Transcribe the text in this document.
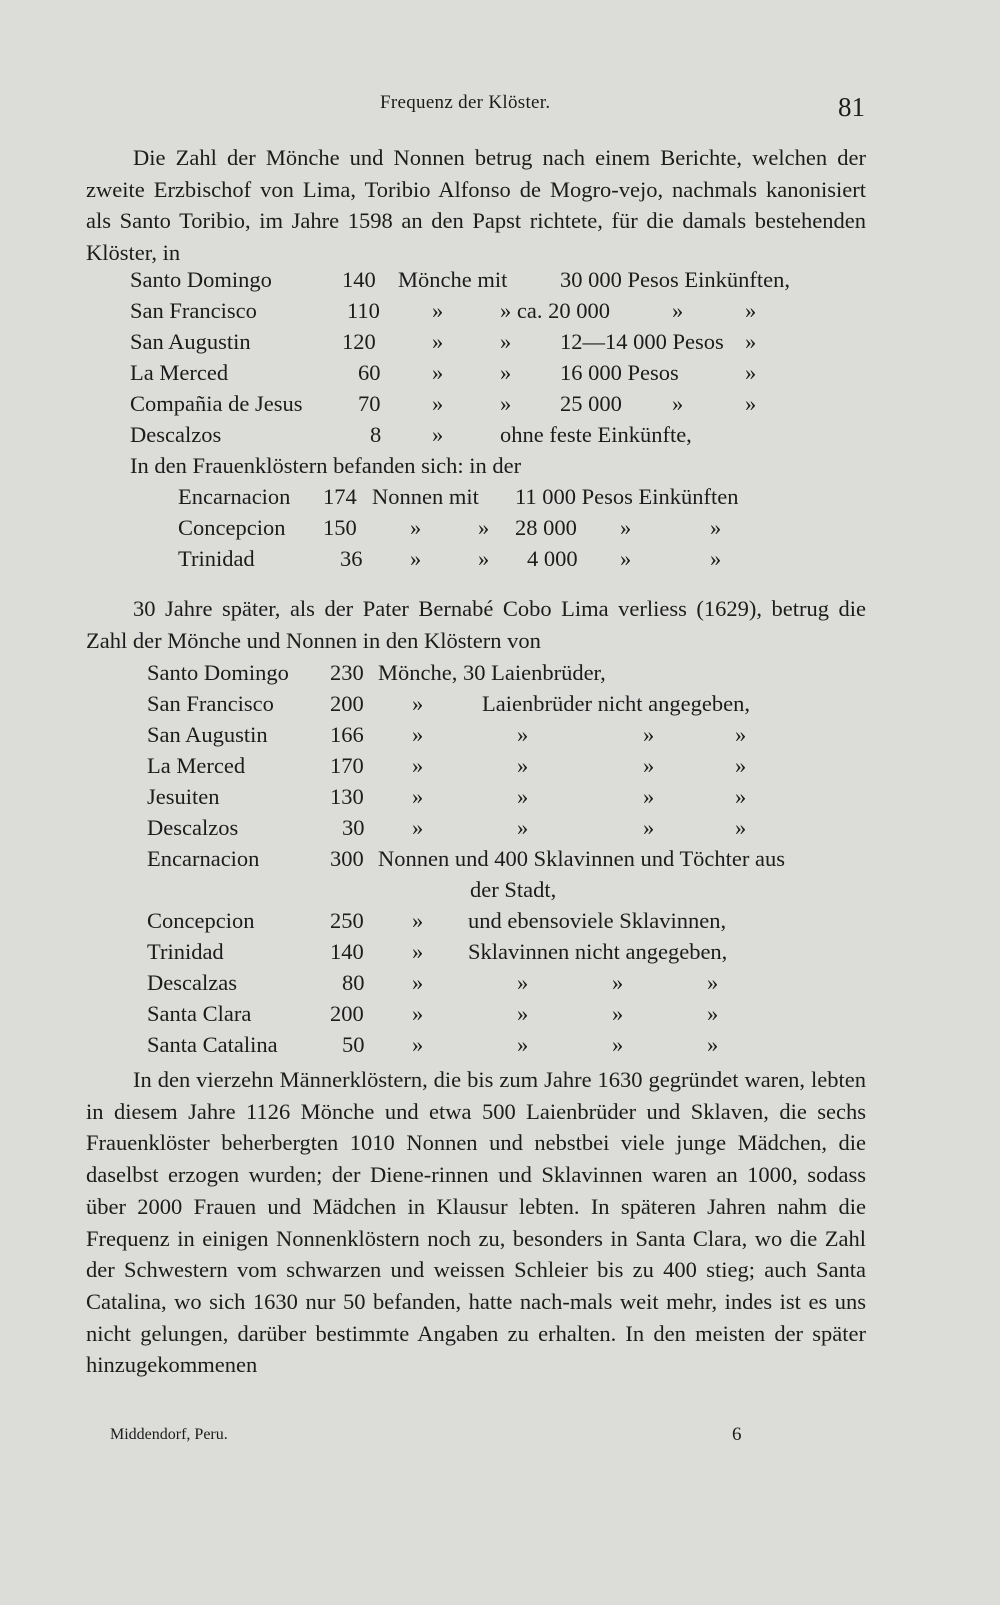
Frequenz der Klöster.	81

Die Zahl der Mönche und Nonnen betrug nach einem Berichte, welchen der zweite Erzbischof von Lima, Toribio Alfonso de Mogro-vejo, nachmals kanonisiert als Santo Toribio, im Jahre 1598 an den Papst richtete, für die damals bestehenden Klöster, in

Santo Domingo	140 Mönche mit 30 000 Pesos Einkünften,
San Francisco	110 »	» ca. 20 000	»	»
San Augustin	120	»	» 12—14 000 Pesos »
La Merced	60 »	» 16 000 Pesos	»
Compañia de Jesus 70 »	» 25 000 »	»
Descalzos	8 »	ohne feste Einkünfte,
In den Frauenklöstern befanden sich: in der
Encarnacion 174 Nonnen mit 11 000 Pesos Einkünften
Concepcion 150 »	» 28 000 »	»
Trinidad	36 »	» 4 000 »	»

30 Jahre später, als der Pater Bernabé Cobo Lima verliess (1629), betrug die Zahl der Mönche und Nonnen in den Klöstern von

Santo Domingo 230 Mönche, 30 Laienbrüder,
San Francisco 200 »	Laienbrüder nicht angegeben,
San Augustin	166 »	»	»	»
La Merced	170 »	»	»	»
Jesuiten	130 »	»	»	»
Descalzos	30 »	»	»	»
Encarnacion	300 Nonnen und 400 Sklavinnen und Töchter aus
der Stadt,
Concepcion	250 » und ebensoviele Sklavinnen,
Trinidad	140 » Sklavinnen nicht angegeben,
Descalzas	80 »	»	»	»
Santa Clara	200 »	»	»	»
Santa Catalina	50 »	»	»	»

In den vierzehn Männerklöstern, die bis zum Jahre 1630 gegründet waren, lebten in diesem Jahre 1126 Mönche und etwa 500 Laienbrüder und Sklaven, die sechs Frauenklöster beherbergten 1010 Nonnen und nebstbei viele junge Mädchen, die daselbst erzogen wurden; der Diene-rinnen und Sklavinnen waren an 1000, sodass über 2000 Frauen und Mädchen in Klausur lebten. In späteren Jahren nahm die Frequenz in einigen Nonnenklöstern noch zu, besonders in Santa Clara, wo die Zahl der Schwestern vom schwarzen und weissen Schleier bis zu 400 stieg; auch Santa Catalina, wo sich 1630 nur 50 befanden, hatte nach-mals weit mehr, indes ist es uns nicht gelungen, darüber bestimmte Angaben zu erhalten. In den meisten der später hinzugekommenen

Middendorf, Peru.	6
